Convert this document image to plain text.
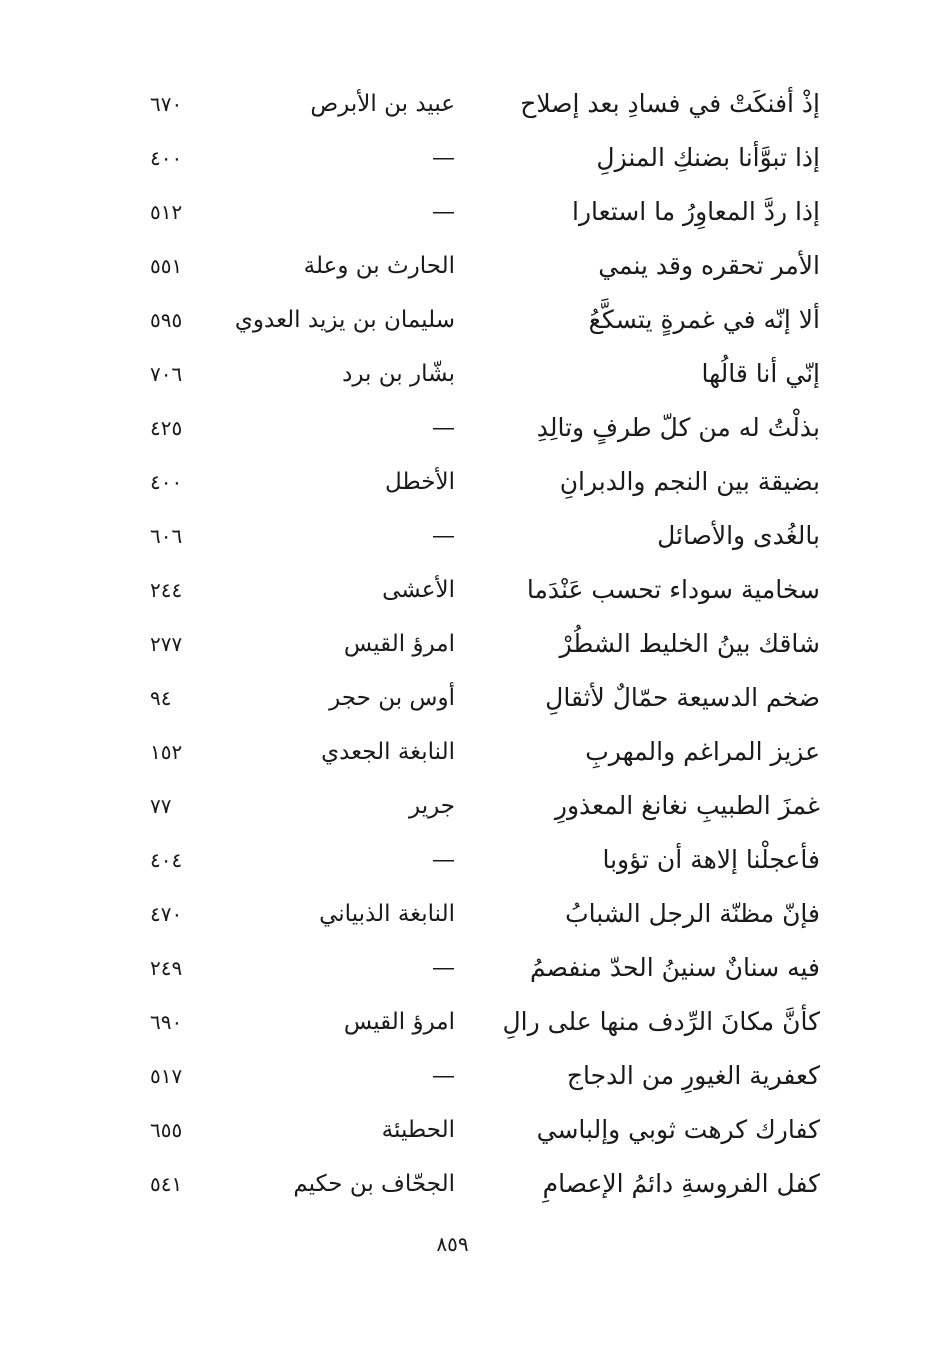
إذْ أفنكَتْ في فسادِ بعد إصلاح
عبيد بن الأبرص
٦٧٠
إذا تبوَّأنا بضنكِ المنزلِ
—
٤٠٠
إذا ردَّ المعاوِرُ ما استعارا
—
٥١٢
الأمر تحقره وقد ينمي
الحارث بن وعلة
٥٥١
ألا إنّه في غمرةٍ يتسكَّعُ
سليمان بن يزيد العدوي
٥٩٥
إنّي أنا قالُها
بشّار بن برد
٧٠٦
بذلْتُ له من كلّ طرفٍ وتالِدِ
—
٤٢٥
بضيقة بين النجم والدبرانِ
الأخطل
٤٠٠
بالغُدى والأصائل
—
٦٠٦
سخامية سوداء تحسب عَنْدَما
الأعشى
٢٤٤
شاقك بينُ الخليط الشطُرْ
امرؤ القيس
٢٧٧
ضخم الدسيعة حمّالٌ لأثقالِ
أوس بن حجر
٩٤
عزيز المراغم والمهربِ
النابغة الجعدي
١٥٢
غمزَ الطبيبِ نغانغ المعذورِ
جرير
٧٧
فأعجلْنا إلاهة أن تؤوبا
—
٤٠٤
فإنّ مظنّة الرجل الشبابُ
النابغة الذبياني
٤٧٠
فيه سنانٌ سنينُ الحدّ منفصمُ
—
٢٤٩
كأنَّ مكانَ الرِّدف منها على رالِ
امرؤ القيس
٦٩٠
كعفرية الغيورِ من الدجاج
—
٥١٧
كفارك كرهت ثوبي وإلباسي
الحطيئة
٦٥٥
كفل الفروسةِ دائمُ الإعصامِ
الجحّاف بن حكيم
٥٤١
٨٥٩
